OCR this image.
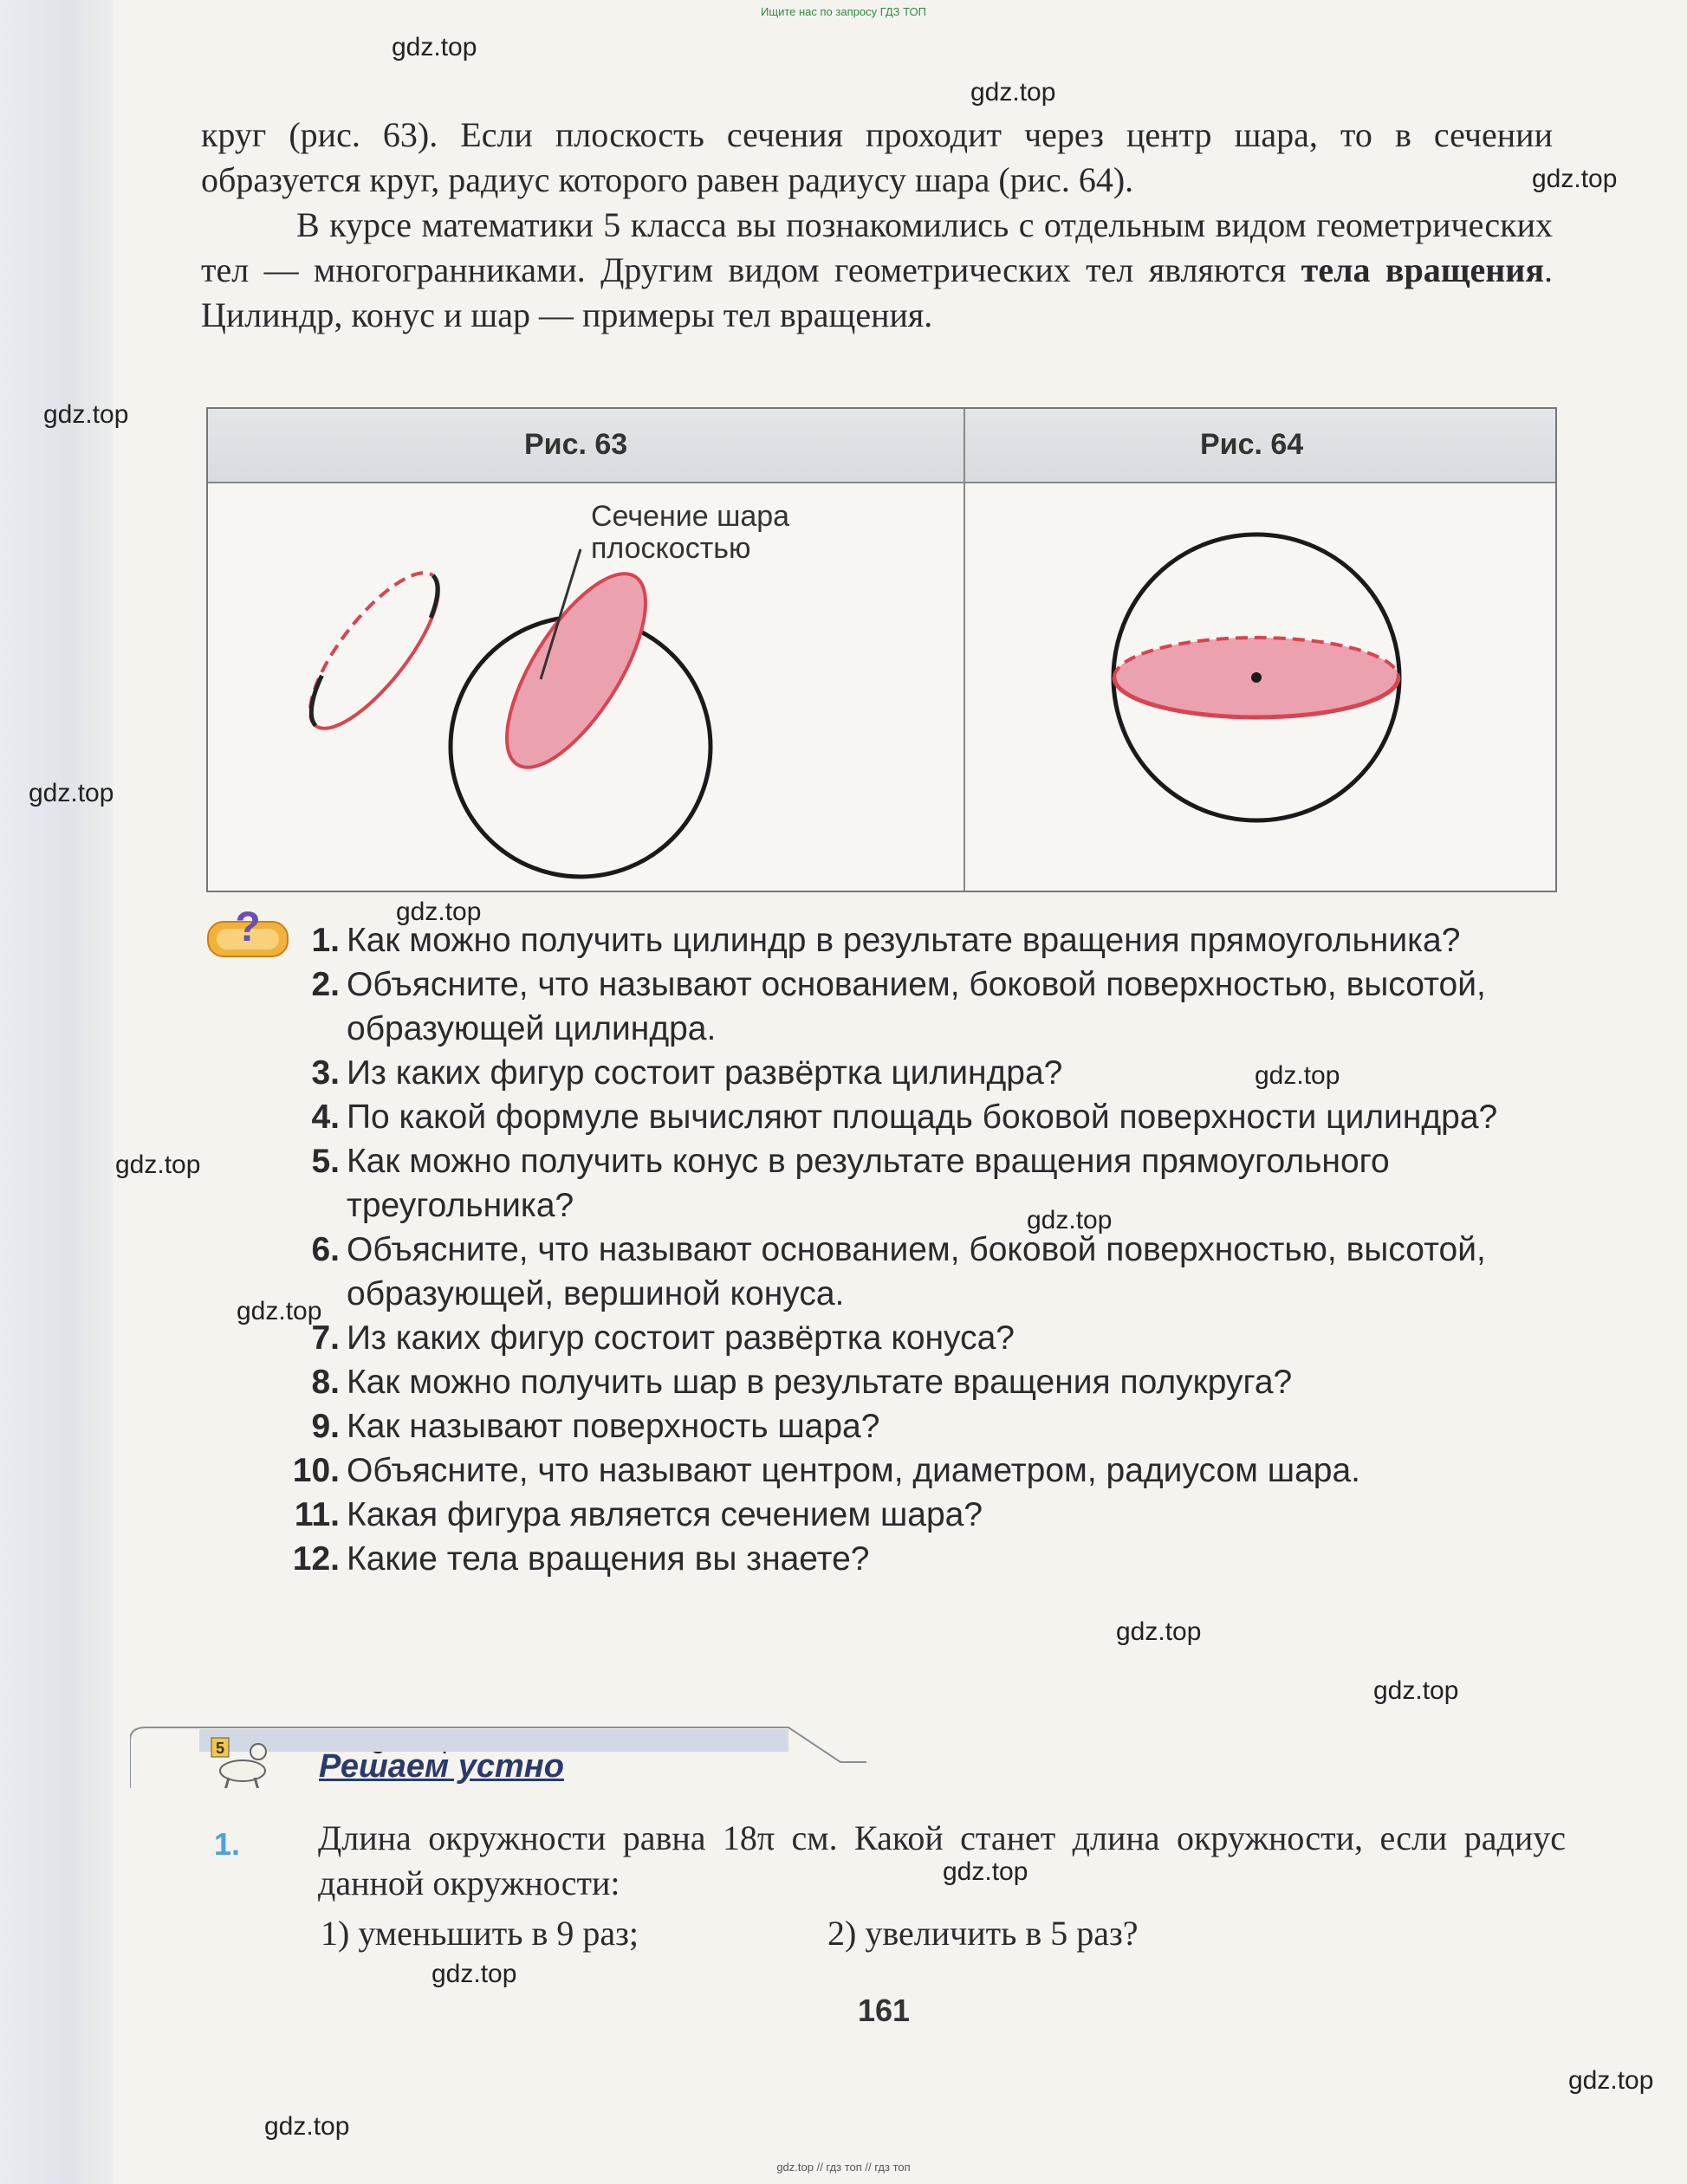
Ищите нас по запросу ГДЗ ТОП
gdz.top
gdz.top
gdz.top
gdz.top
gdz.top
gdz.top
gdz.top
gdz.top
gdz.top
gdz.top
gdz.top
gdz.top
gdz.top
gdz.top
gdz.top
gdz.top

круг (рис. 63). Если плоскость сечения проходит через центр шара, то в сечении образуется круг, радиус которого равен радиусу шара (рис. 64).

В курсе математики 5 класса вы познакомились с отдельным видом геометрических тел — многогранниками. Другим видом геометрических тел являются тела вращения. Цилиндр, конус и шар — примеры тел вращения.

Рис. 63	Рис. 64
Сечение шара
плоскостью
?	1. Как можно получить цилиндр в результате вращения прямоугольника?
2. Объясните, что называют основанием, боковой поверхностью, высотой, образующей цилиндра.
3. Из каких фигур состоит развёртка цилиндра?
4. По какой формуле вычисляют площадь боковой поверхности цилиндра?
5. Как можно получить конус в результате вращения прямоугольного треугольника?
6. Объясните, что называют основанием, боковой поверхностью, высотой, образующей, вершиной конуса.
7. Из каких фигур состоит развёртка конуса?
8. Как можно получить шар в результате вращения полукруга?
9. Как называют поверхность шара?
10. Объясните, что называют центром, диаметром, радиусом шара.
11. Какая фигура является сечением шара?
12. Какие тела вращения вы знаете?
5	Решаем устно
1. Длина окружности равна 18π см. Какой станет длина окружности, если радиус данной окружности:

1) уменьшить в 9 раз;	2) увеличить в 5 раз?
161
gdz.top // гдз топ // гдз топ
